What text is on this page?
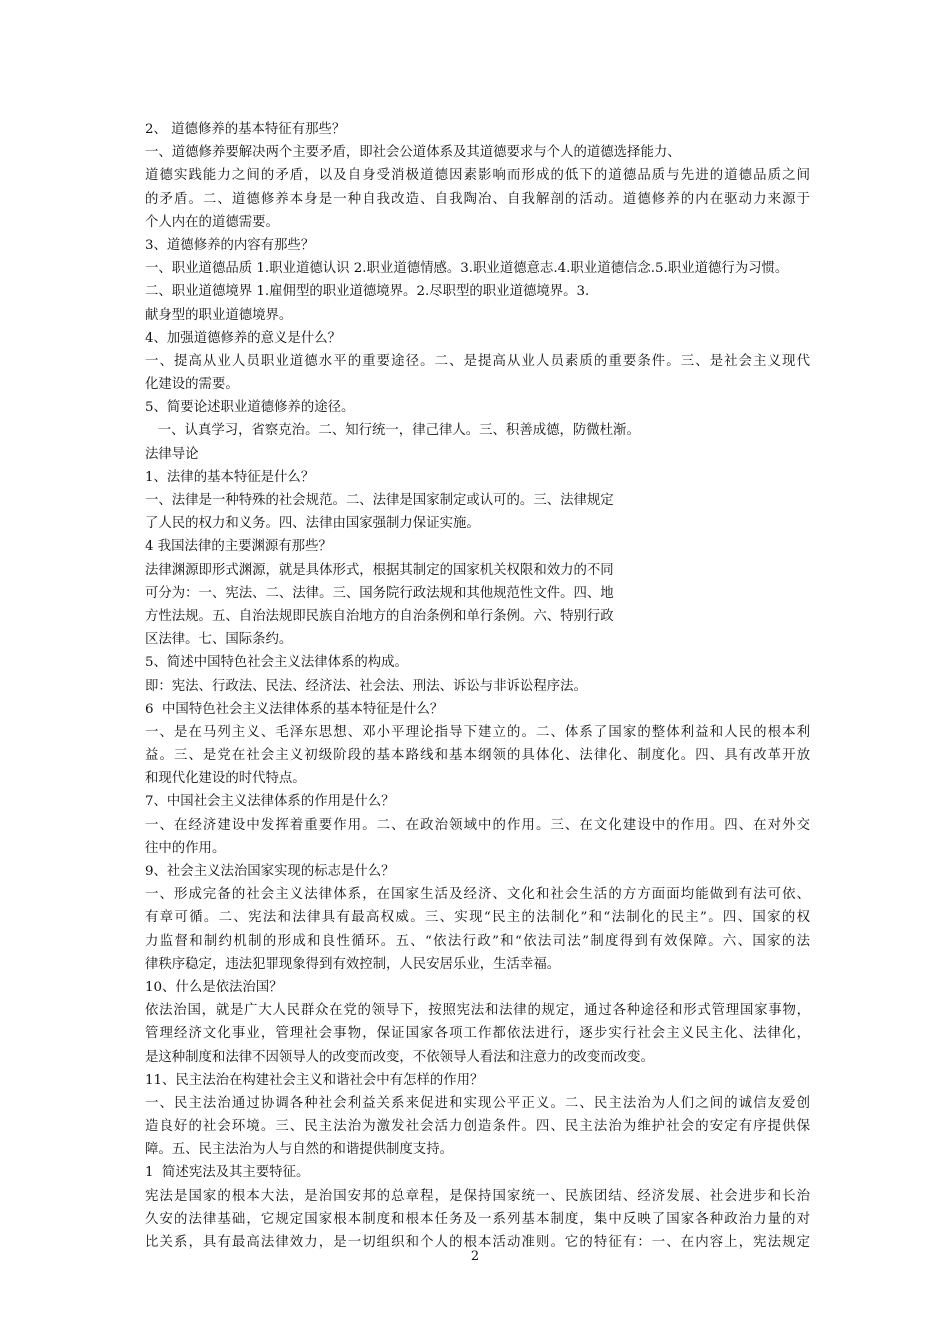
2、 道德修养的基本特征有那些？
一、道德修养要解决两个主要矛盾，即社会公道体系及其道德要求与个人的道德选择能力、
道德实践能力之间的矛盾，以及自身受消极道德因素影响而形成的低下的道德品质与先进的道德品质之间
的矛盾。二、道德修养本身是一种自我改造、自我陶冶、自我解剖的活动。道德修养的内在驱动力来源于
个人内在的道德需要。
3、道德修养的内容有那些？
一、职业道德品质 1.职业道德认识 2.职业道德情感。3.职业道德意志.4.职业道德信念.5.职业道德行为习惯。
二、职业道德境界 1.雇佣型的职业道德境界。2.尽职型的职业道德境界。3.
献身型的职业道德境界。
4、加强道德修养的意义是什么？
一、提高从业人员职业道德水平的重要途径。二、是提高从业人员素质的重要条件。三、是社会主义现代
化建设的需要。
5、简要论述职业道德修养的途径。
一、认真学习，省察克治。二、知行统一，律己律人。三、积善成德，防微杜渐。
法律导论
1、法律的基本特征是什么？
一、法律是一种特殊的社会规范。二、法律是国家制定或认可的。三、法律规定
了人民的权力和义务。四、法律由国家强制力保证实施。
4 我国法律的主要渊源有那些？
法律渊源即形式渊源，就是具体形式，根据其制定的国家机关权限和效力的不同
可分为：一、宪法、二、法律。三、国务院行政法规和其他规范性文件。四、地
方性法规。五、自治法规即民族自治地方的自治条例和单行条例。六、特别行政
区法律。七、国际条约。
5、简述中国特色社会主义法律体系的构成。
即：宪法、行政法、民法、经济法、社会法、刑法、诉讼与非诉讼程序法。
6  中国特色社会主义法律体系的基本特征是什么？
一、是在马列主义、毛泽东思想、邓小平理论指导下建立的。二、体系了国家的整体利益和人民的根本利
益。三、是党在社会主义初级阶段的基本路线和基本纲领的具体化、法律化、制度化。四、具有改革开放
和现代化建设的时代特点。
7、中国社会主义法律体系的作用是什么？
一、在经济建设中发挥着重要作用。二、在政治领域中的作用。三、在文化建设中的作用。四、在对外交
往中的作用。
9、社会主义法治国家实现的标志是什么？
一、形成完备的社会主义法律体系，在国家生活及经济、文化和社会生活的方方面面均能做到有法可依、
有章可循。二、宪法和法律具有最高权威。三、实现“民主的法制化”和“法制化的民主”。四、国家的权
力监督和制约机制的形成和良性循环。五、“依法行政”和“依法司法”制度得到有效保障。六、国家的法
律秩序稳定，违法犯罪现象得到有效控制，人民安居乐业，生活幸福。
10、什么是依法治国？
依法治国，就是广大人民群众在党的领导下，按照宪法和法律的规定，通过各种途径和形式管理国家事物，
管理经济文化事业，管理社会事物，保证国家各项工作都依法进行，逐步实行社会主义民主化、法律化，
是这种制度和法律不因领导人的改变而改变，不依领导人看法和注意力的改变而改变。
11、民主法治在构建社会主义和谐社会中有怎样的作用？
一、民主法治通过协调各种社会利益关系来促进和实现公平正义。二、民主法治为人们之间的诚信友爱创
造良好的社会环境。三、民主法治为激发社会活力创造条件。四、民主法治为维护社会的安定有序提供保
障。五、民主法治为人与自然的和谐提供制度支持。
1  简述宪法及其主要特征。
宪法是国家的根本大法，是治国安邦的总章程，是保持国家统一、民族团结、经济发展、社会进步和长治
久安的法律基础，它规定国家根本制度和根本任务及一系列基本制度，集中反映了国家各种政治力量的对
比关系，具有最高法律效力，是一切组织和个人的根本活动准则。它的特征有：一、在内容上，宪法规定
2
